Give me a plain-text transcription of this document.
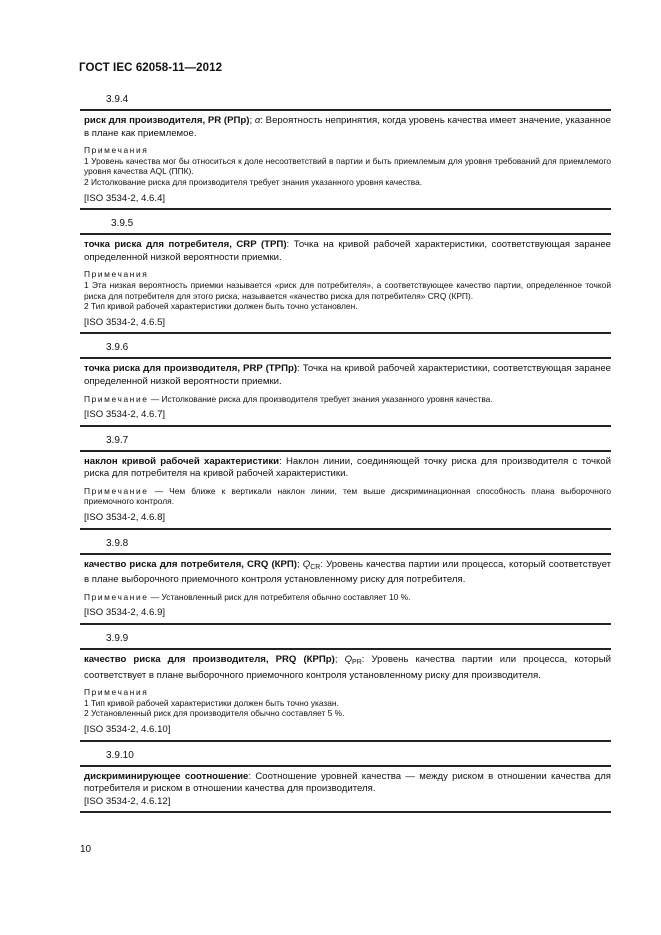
ГОСТ IEC 62058-11—2012
3.9.4
риск для производителя, PR (РПр); α: Вероятность непринятия, когда уровень качества имеет значение, указанное в плане как приемлемое.
Примечания
1 Уровень качества мог бы относиться к доле несоответствий в партии и быть приемлемым для уровня требований для приемлемого уровня качества AQL (ППК).
2 Истолкование риска для производителя требует знания указанного уровня качества.
[ISO 3534-2, 4.6.4]
3.9.5
точка риска для потребителя, CRP (ТРП): Точка на кривой рабочей характеристики, соответствующая заранее определенной низкой вероятности приемки.
Примечания
1 Эта низкая вероятность приемки называется «риск для потребителя», а соответствующее качество партии, определенное точкой риска для потребителя для этого риска, называется «качество риска для потребителя» CRQ (КРП).
2 Тип кривой рабочей характеристики должен быть точно установлен.
[ISO 3534-2, 4.6.5]
3.9.6
точка риска для производителя, PRP (ТРПр): Точка на кривой рабочей характеристики, соответствующая заранее определенной низкой вероятности приемки.
Примечание — Истолкование риска для производителя требует знания указанного уровня качества.
[ISO 3534-2, 4.6.7]
3.9.7
наклон кривой рабочей характеристики: Наклон линии, соединяющей точку риска для производителя с точкой риска для потребителя на кривой рабочей характеристики.
Примечание — Чем ближе к вертикали наклон линии, тем выше дискриминационная способность плана выборочного приемочного контроля.
[ISO 3534-2, 4.6.8]
3.9.8
качество риска для потребителя, CRQ (КРП); $Q_{CR}$: Уровень качества партии или процесса, который соответствует в плане выборочного приемочного контроля установленному риску для потребителя.
Примечание — Установленный риск для потребителя обычно составляет 10 %.
[ISO 3534-2, 4.6.9]
3.9.9
качество риска для производителя, PRQ (КРПр); $Q_{PR}$: Уровень качества партии или процесса, который соответствует в плане выборочного приемочного контроля установленному риску для производителя.
Примечания
1 Тип кривой рабочей характеристики должен быть точно указан.
2 Установленный риск для производителя обычно составляет 5 %.
[ISO 3534-2, 4.6.10]
3.9.10
дискриминирующее соотношение: Соотношение уровней качества — между риском в отношении качества для потребителя и риском в отношении качества для производителя.
[ISO 3534-2, 4.6.12]
10
